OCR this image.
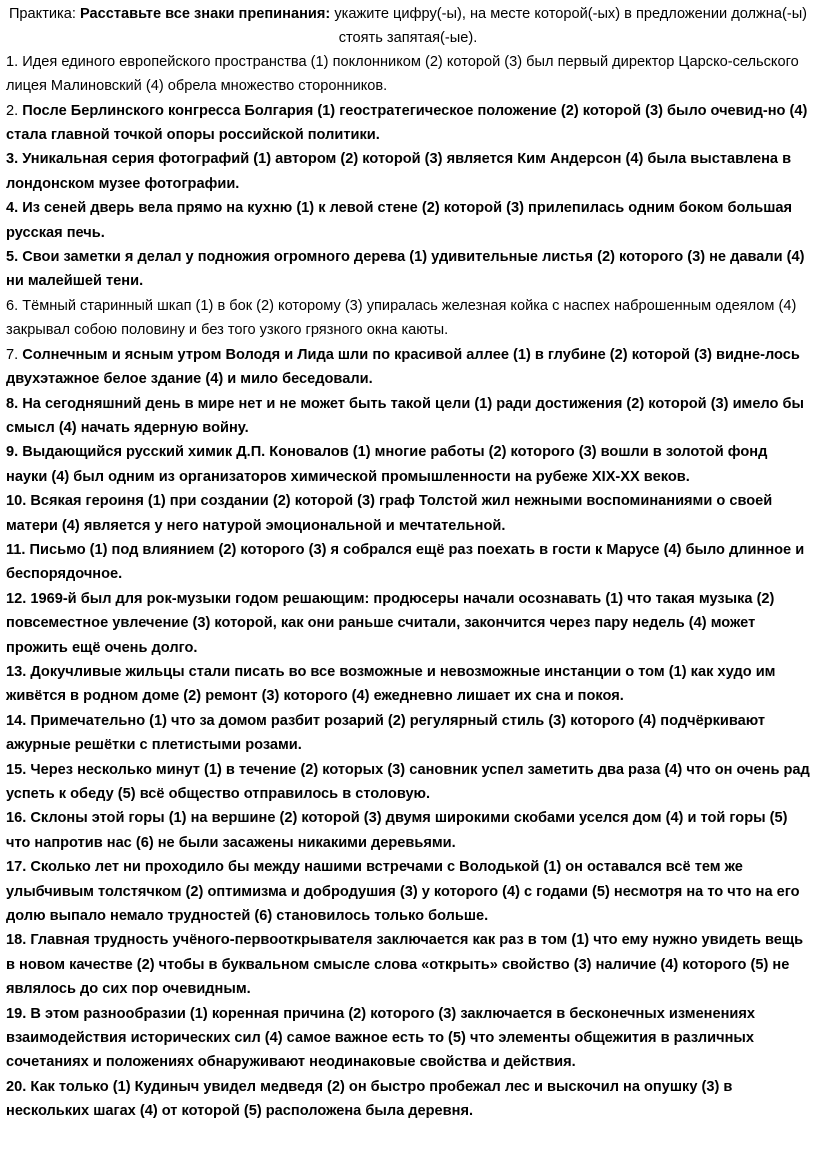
Практика: Расставьте все знаки препинания: укажите цифру(-ы), на месте которой(-ых) в предложении должна(-ы) стоять запятая(-ые).

1. Идея единого европейского пространства (1) поклонником (2) которой (3) был первый директор Царско-сельского лицея Малиновский (4) обрела множество сторонников.

2. После Берлинского конгресса Болгария (1) геостратегическое положение (2) которой (3) было очевид-но (4) стала главной точкой опоры российской политики.

3. Уникальная серия фотографий (1) автором (2) которой (3) является Ким Андерсон (4) была выставлена в лондонском музее фотографии.

4. Из сеней дверь вела прямо на кухню (1) к левой стене (2) которой (3) прилепилась одним боком большая русская печь.

5. Свои заметки я делал у подножия огромного дерева (1) удивительные листья (2) которого (3) не давали (4) ни малейшей тени.

6. Тёмный старинный шкап (1) в бок (2) которому (3) упиралась железная койка с наспех наброшенным одеялом (4) закрывал собою половину и без того узкого грязного окна каюты.

7. Солнечным и ясным утром Володя и Лида шли по красивой аллее (1) в глубине (2) которой (3) видне-лось двухэтажное белое здание (4) и мило беседовали.

8. На сегодняшний день в мире нет и не может быть такой цели (1) ради достижения (2) которой (3) имело бы смысл (4) начать ядерную войну.

9. Выдающийся русский химик Д.П. Коновалов (1) многие работы (2) которого (3) вошли в золотой фонд науки (4) был одним из организаторов химической промышленности на рубеже XIX-XX веков.

10. Всякая героиня (1) при создании (2) которой (3) граф Толстой жил нежными воспоминаниями о своей матери (4) является у него натурой эмоциональной и мечтательной.

11. Письмо (1) под влиянием (2) которого (3) я собрался ещё раз поехать в гости к Марусе (4) было длинное и беспорядочное.

12. 1969-й был для рок-музыки годом решающим: продюсеры начали осознавать (1) что такая музыка (2) повсеместное увлечение (3) которой, как они раньше считали, закончится через пару недель (4) может прожить ещё очень долго.

13. Докучливые жильцы стали писать во все возможные и невозможные инстанции о том (1) как худо им живётся в родном доме (2) ремонт (3) которого (4) ежедневно лишает их сна и покоя.

14. Примечательно (1) что за домом разбит розарий (2) регулярный стиль (3) которого (4) подчёркивают ажурные решётки с плетистыми розами.

15. Через несколько минут (1) в течение (2) которых (3) сановник успел заметить два раза (4) что он очень рад успеть к обеду (5) всё общество отправилось в столовую.

16. Склоны этой горы (1) на вершине (2) которой (3) двумя широкими скобами уселся дом (4) и той горы (5) что напротив нас (6) не были засажены никакими деревьями.

17. Сколько лет ни проходило бы между нашими встречами с Володькой (1) он оставался всё тем же улыбчивым толстячком (2) оптимизма и добродушия (3) у которого (4) с годами (5) несмотря на то что на его долю выпало немало трудностей (6) становилось только больше.

18. Главная трудность учёного-первооткрывателя заключается как раз в том (1) что ему нужно увидеть вещь в новом качестве (2) чтобы в буквальном смысле слова «открыть» свойство (3) наличие (4) которого (5) не являлось до сих пор очевидным.

19. В этом разнообразии (1) коренная причина (2) которого (3) заключается в бесконечных изменениях взаимодействия исторических сил (4) самое важное есть то (5) что элементы общежития в различных сочетаниях и положениях обнаруживают неодинаковые свойства и действия.

20. Как только (1) Кудиныч увидел медведя (2) он быстро пробежал лес и выскочил на опушку (3) в нескольких шагах (4) от которой (5) расположена была деревня.
